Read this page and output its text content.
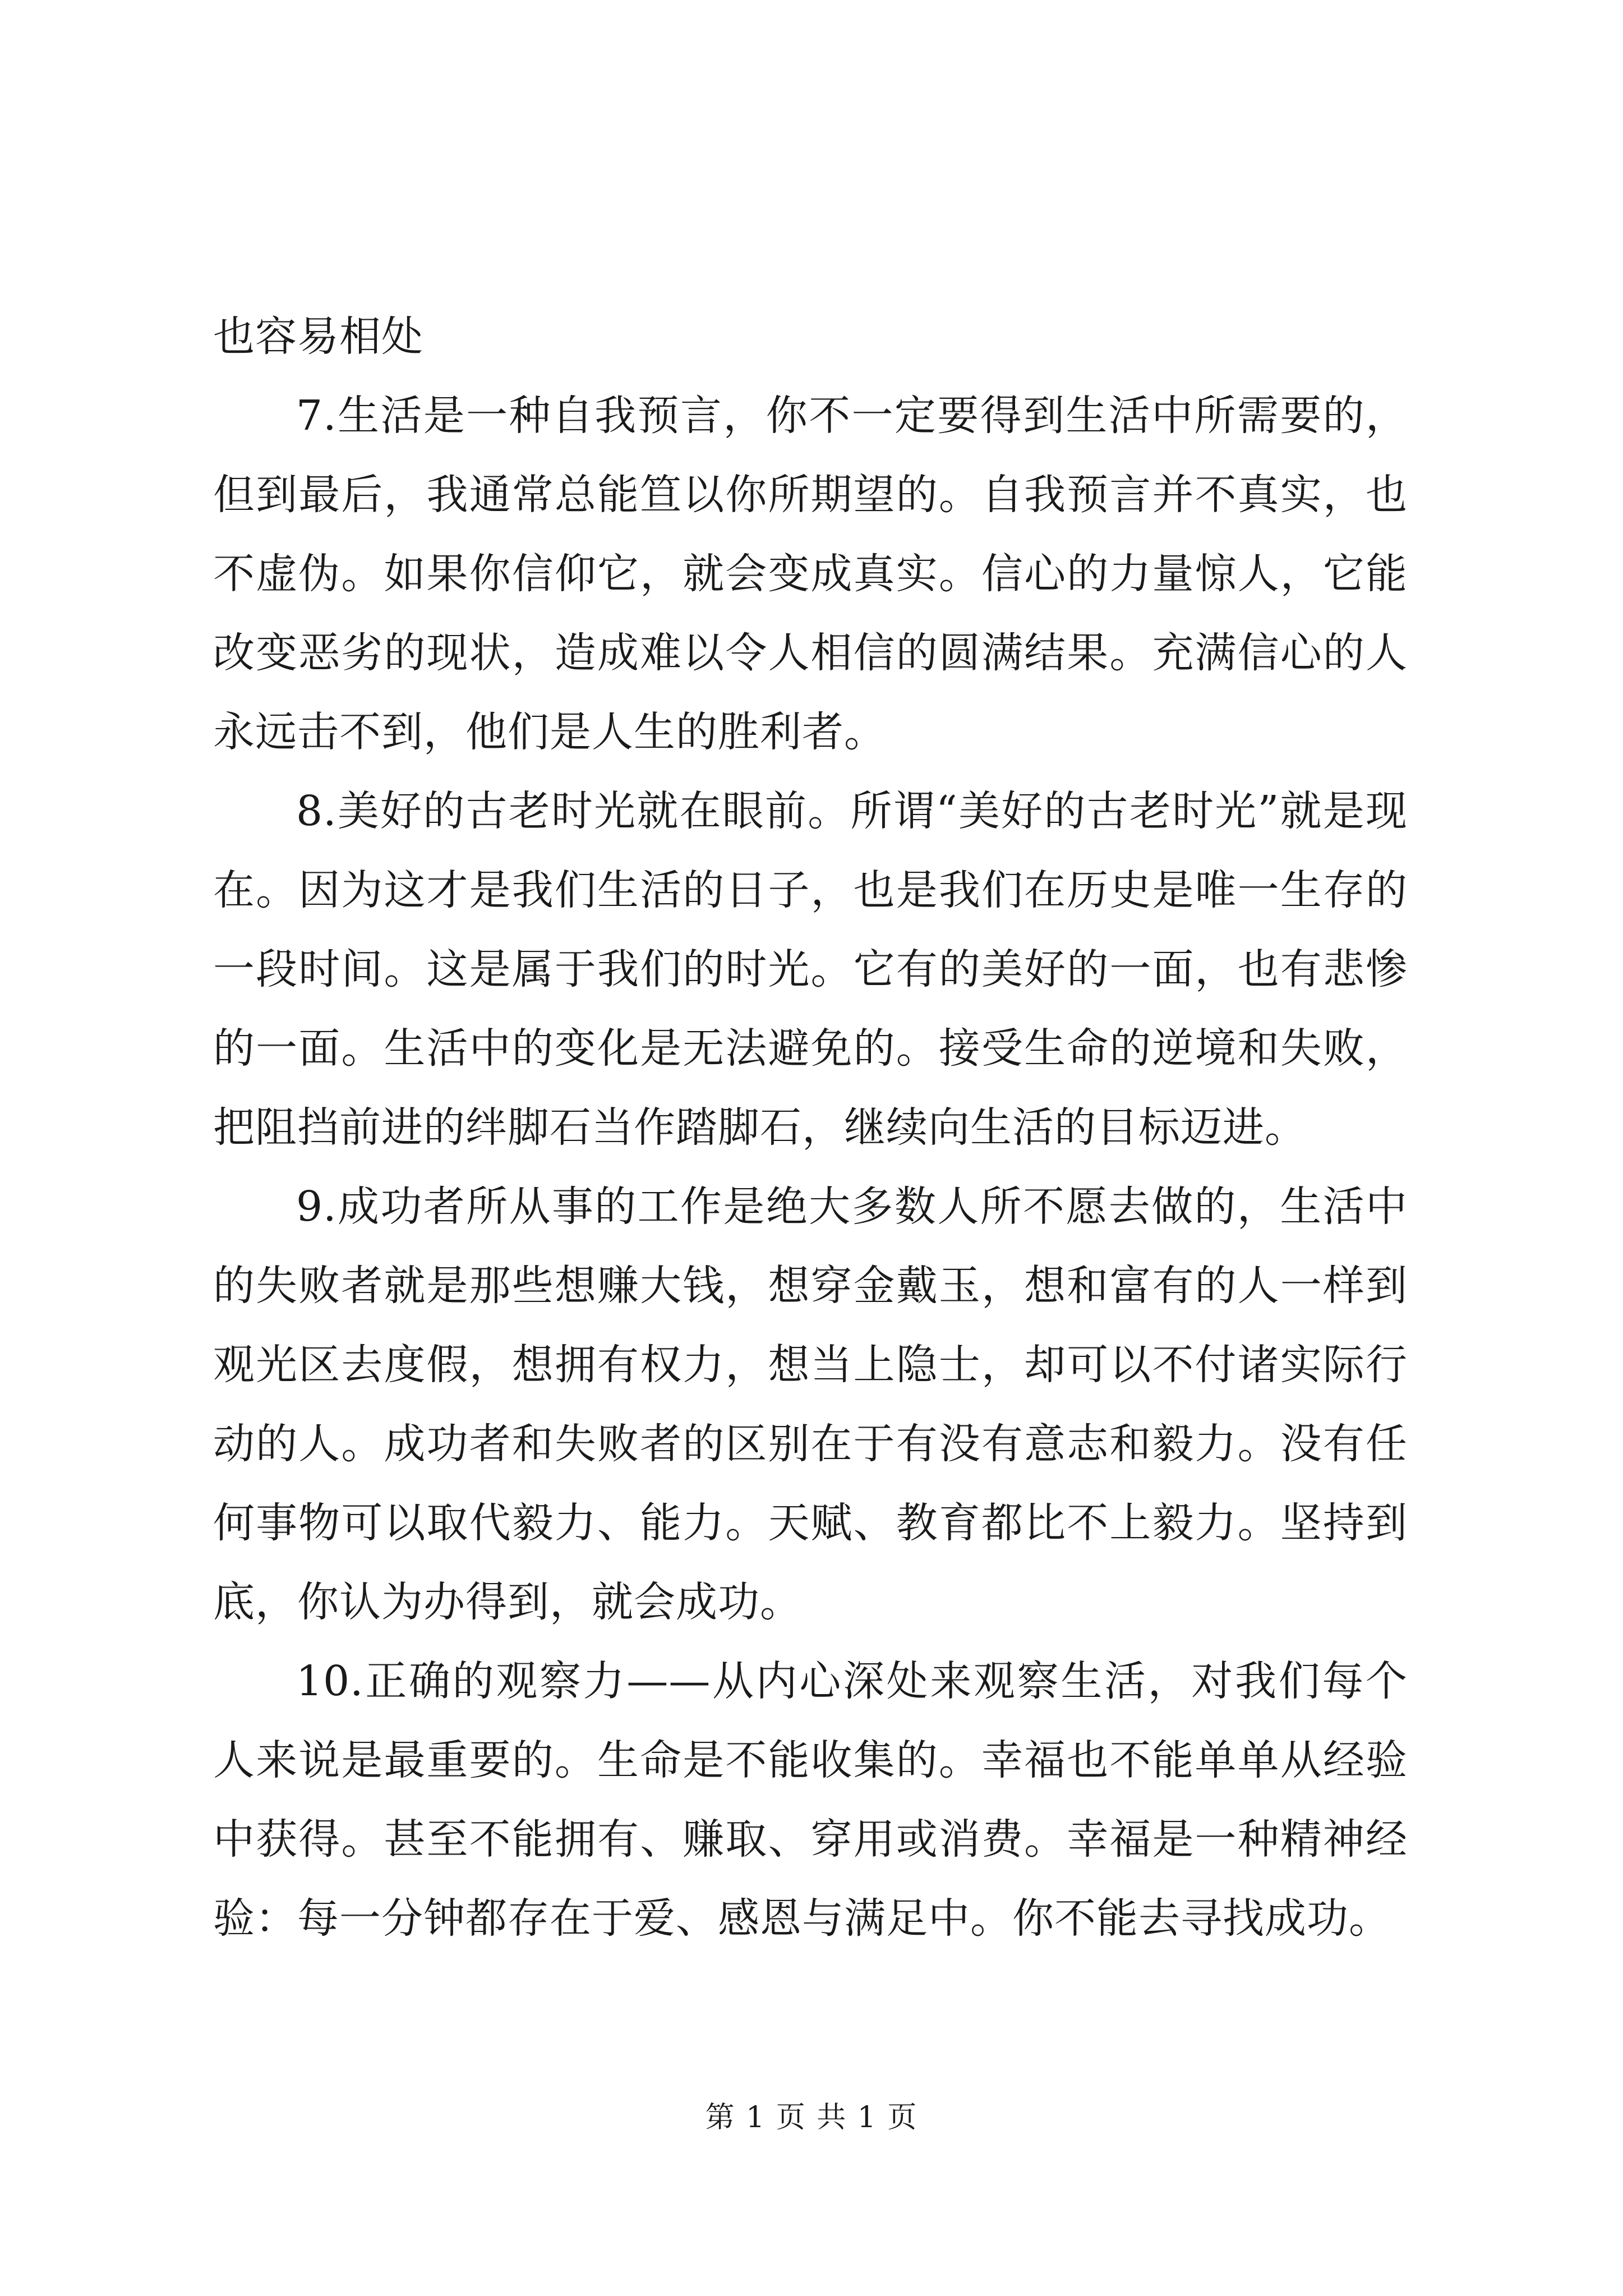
也容易相处

7.生活是一种自我预言，你不一定要得到生活中所需要的，但到最后，我通常总能笪以你所期望的。自我预言并不真实，也不虚伪。如果你信仰它，就会变成真实。信心的力量惊人，它能改变恶劣的现状，造成难以令人相信的圆满结果。充满信心的人永远击不到，他们是人生的胜利者。

8.美好的古老时光就在眼前。所谓“美好的古老时光”就是现在。因为这才是我们生活的日子，也是我们在历史是唯一生存的一段时间。这是属于我们的时光。它有的美好的一面，也有悲惨的一面。生活中的变化是无法避免的。接受生命的逆境和失败，把阻挡前进的绊脚石当作踏脚石，继续向生活的目标迈进。

9.成功者所从事的工作是绝大多数人所不愿去做的，生活中的失败者就是那些想赚大钱，想穿金戴玉，想和富有的人一样到观光区去度假，想拥有权力，想当上隐士，却可以不付诸实际行动的人。成功者和失败者的区别在于有没有意志和毅力。没有任何事物可以取代毅力、能力。天赋、教育都比不上毅力。坚持到底，你认为办得到，就会成功。

10.正确的观察力——从内心深处来观察生活，对我们每个人来说是最重要的。生命是不能收集的。幸福也不能单单从经验中获得。甚至不能拥有、赚取、穿用或消费。幸福是一种精神经验：每一分钟都存在于爱、感恩与满足中。你不能去寻找成功。

第 1 页 共 1 页
